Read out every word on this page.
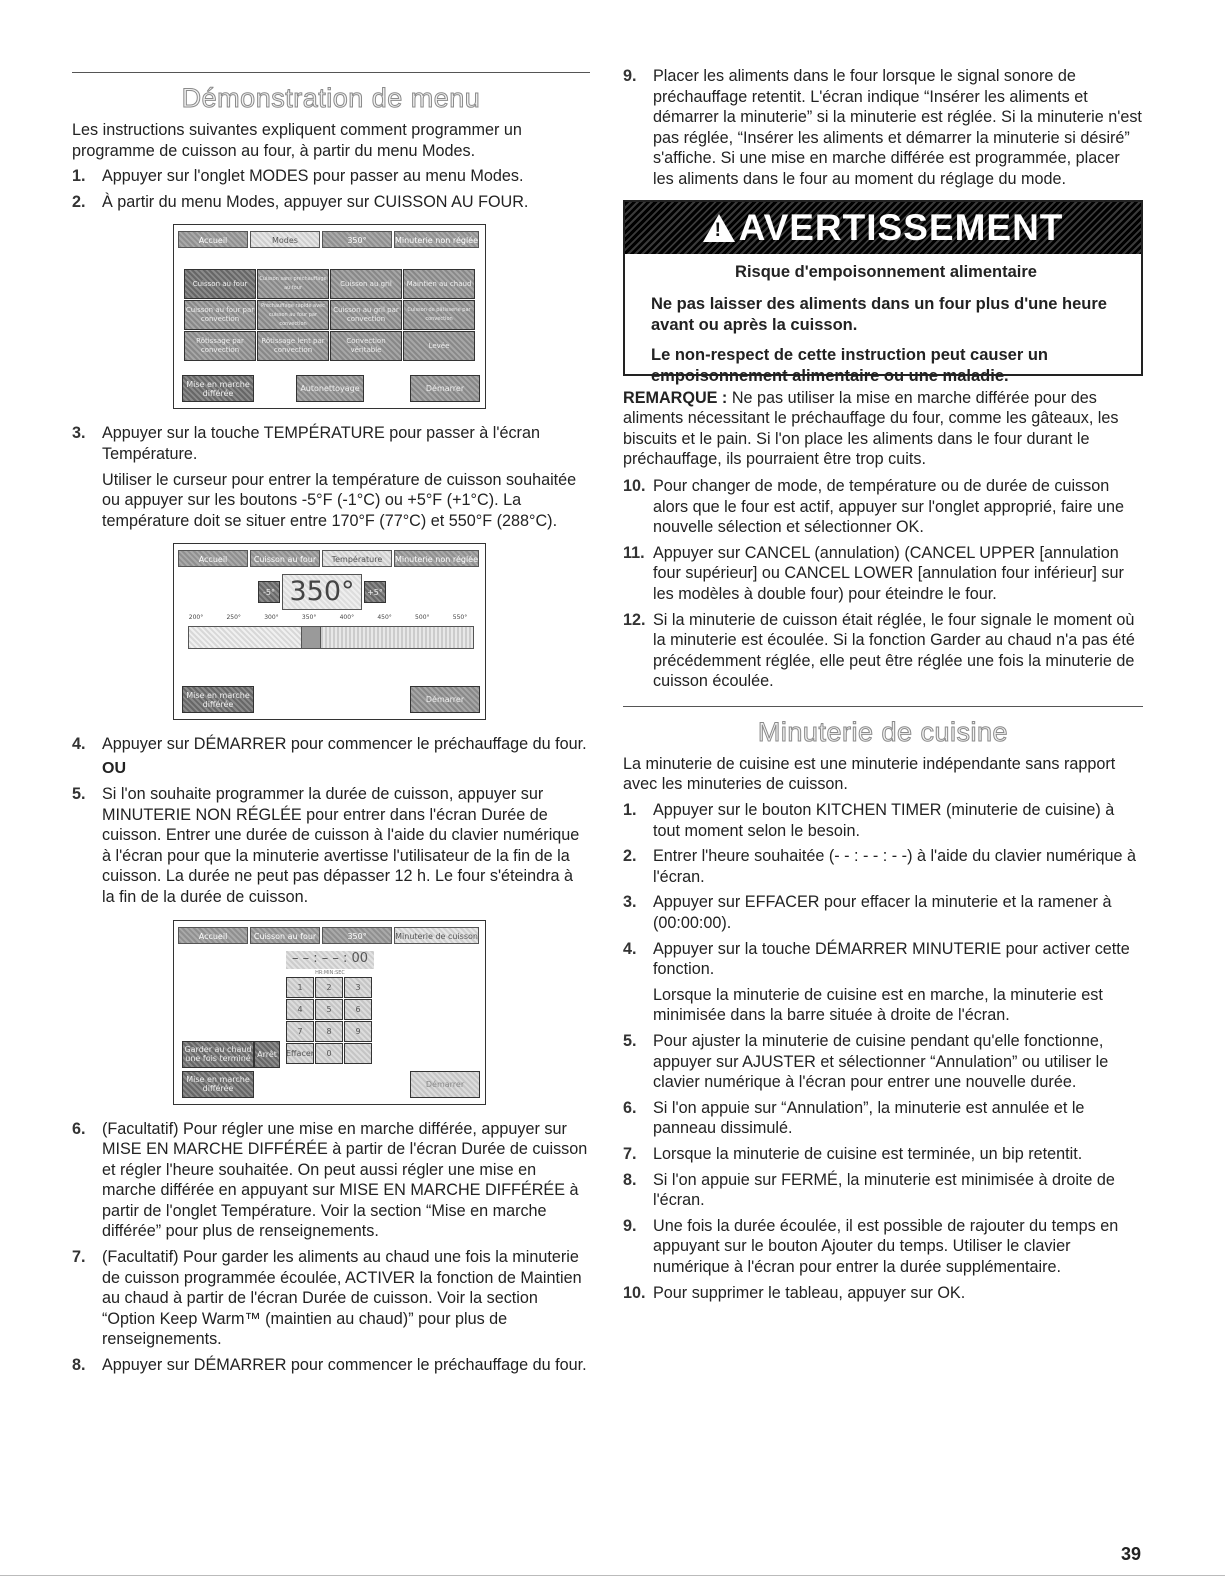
Démonstration de menu

Les instructions suivantes expliquent comment programmer un programme de cuisson au four, à partir du menu Modes.

1. Appuyer sur l'onglet MODES pour passer au menu Modes.
2. À partir du menu Modes, appuyer sur CUISSON AU FOUR.
Accueil	Modes	350°	Minuterie non réglée
Cuisson au four
Cuisson sans préchauffage au four
Cuisson au gril	Maintien au chaud
Cuisson au four par convection
Préchauffage rapide avec cuisson au four par convection
Cuisson au gril par convection
Cuisson de pâtisserie par convection
Rôtissage par convection
Rôtissage lent par convection
Convection véritable
Levée
Mise en marche différée	Autonettoyage	Démarrer
3. Appuyer sur la touche TEMPÉRATURE pour passer à l'écran Température.

Utiliser le curseur pour entrer la température de cuisson souhaitée ou appuyer sur les boutons -5°F (-1°C) ou +5°F (+1°C). La température doit se situer entre 170°F (77°C) et 550°F (288°C).

Accueil	Cuisson au four	Température	Minuterie non réglée
-5° 350°	+5°
200°	250°	300°	350°	400°	450°	500°	550°
Mise en marche différée	Démarrer
4. Appuyer sur DÉMARRER pour commencer le préchauffage du four.
OU
5. Si l'on souhaite programmer la durée de cuisson, appuyer sur MINUTERIE NON RÉGLÉE pour entrer dans l'écran Durée de cuisson. Entrer une durée de cuisson à l'aide du clavier numérique à l'écran pour que la minuterie avertisse l'utilisateur de la fin de la cuisson. La durée ne peut pas dépasser 12 h. Le four s'éteindra à la fin de la durée de cuisson.
Accueil	Cuisson au four	350°	Minuterie de cuisson
– – : – – : 00
HR:MIN:SEC
1	2	3
4	5	6
7	8	9
Effacer	0
Garder au chaud une fois terminé Arrêt
Mise en marche différée	Démarrer
6. (Facultatif) Pour régler une mise en marche différée, appuyer sur MISE EN MARCHE DIFFÉRÉE à partir de l'écran Durée de cuisson et régler l'heure souhaitée. On peut aussi régler une mise en marche différée en appuyant sur MISE EN MARCHE DIFFÉRÉE à partir de l'onglet Température. Voir la section “Mise en marche différée” pour plus de renseignements.
7. (Facultatif) Pour garder les aliments au chaud une fois la minuterie de cuisson programmée écoulée, ACTIVER la fonction de Maintien au chaud à partir de l'écran Durée de cuisson. Voir la section “Option Keep Warm™ (maintien au chaud)” pour plus de renseignements.
8. Appuyer sur DÉMARRER pour commencer le préchauffage du four.
9. Placer les aliments dans le four lorsque le signal sonore de préchauffage retentit. L'écran indique “Insérer les aliments et démarrer la minuterie” si la minuterie est réglée. Si la minuterie n'est pas réglée, “Insérer les aliments et démarrer la minuterie si désiré” s'affiche. Si une mise en marche différée est programmée, placer les aliments dans le four au moment du réglage du mode.
!
AVERTISSEMENT
Risque d'empoisonnement alimentaire
Ne pas laisser des aliments dans un four plus d'une heure avant ou après la cuisson.
Le non-respect de cette instruction peut causer un empoisonnement alimentaire ou une maladie.

REMARQUE : Ne pas utiliser la mise en marche différée pour des aliments nécessitant le préchauffage du four, comme les gâteaux, les biscuits et le pain. Si l'on place les aliments dans le four durant le préchauffage, ils pourraient être trop cuits.

10. Pour changer de mode, de température ou de durée de cuisson alors que le four est actif, appuyer sur l'onglet approprié, faire une nouvelle sélection et sélectionner OK.
11. Appuyer sur CANCEL (annulation) (CANCEL UPPER [annulation four supérieur] ou CANCEL LOWER [annulation four inférieur] sur les modèles à double four) pour éteindre le four.
12. Si la minuterie de cuisson était réglée, le four signale le moment où la minuterie est écoulée. Si la fonction Garder au chaud n'a pas été précédemment réglée, elle peut être réglée une fois la minuterie de cuisson écoulée.
Minuterie de cuisine

La minuterie de cuisine est une minuterie indépendante sans rapport avec les minuteries de cuisson.

1. Appuyer sur le bouton KITCHEN TIMER (minuterie de cuisine) à tout moment selon le besoin.
2. Entrer l'heure souhaitée (- - : - - : - -) à l'aide du clavier numérique à l'écran.
3. Appuyer sur EFFACER pour effacer la minuterie et la ramener à (00:00:00).
4. Appuyer sur la touche DÉMARRER MINUTERIE pour activer cette fonction.

Lorsque la minuterie de cuisine est en marche, la minuterie est minimisée dans la barre située à droite de l'écran.

5. Pour ajuster la minuterie de cuisine pendant qu'elle fonctionne, appuyer sur AJUSTER et sélectionner “Annulation” ou utiliser le clavier numérique à l'écran pour entrer une nouvelle durée.
6. Si l'on appuie sur “Annulation”, la minuterie est annulée et le panneau dissimulé.
7. Lorsque la minuterie de cuisine est terminée, un bip retentit.
8. Si l'on appuie sur FERMÉ, la minuterie est minimisée à droite de l'écran.
9. Une fois la durée écoulée, il est possible de rajouter du temps en appuyant sur le bouton Ajouter du temps. Utiliser le clavier numérique à l'écran pour entrer la durée supplémentaire.
10. Pour supprimer le tableau, appuyer sur OK.
39
